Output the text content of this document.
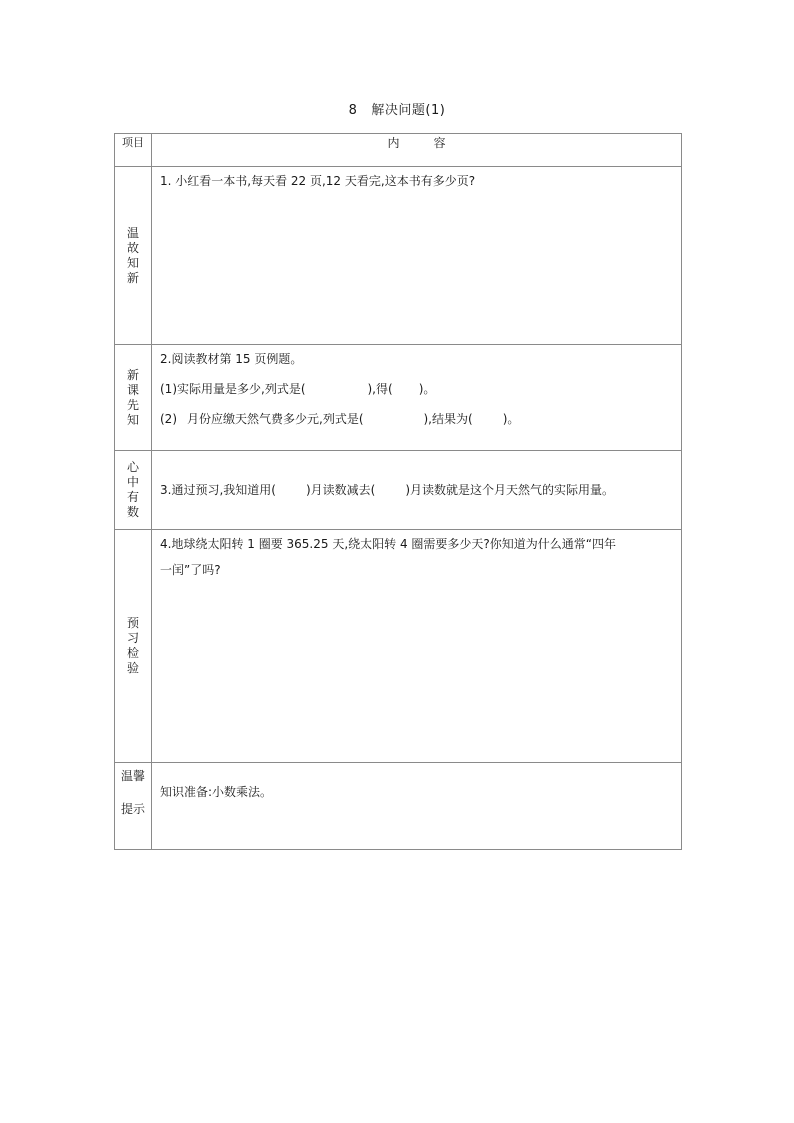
8 解决问题(1)
项目	内 容
温故知新	1. 小红看一本书,每天看 22 页,12 天看完,这本书有多少页?

新课先知	2.阅读教材第 15 页例题。
(1)实际用量是多少,列式是( ),得( )。
(2) 月份应缴天然气费多少元,列式是( ),结果为( )。

心中有数	3.通过预习,我知道用( )月读数减去( )月读数就是这个月天然气的实际用量。

预习检验	4.地球绕太阳转 1 圈要 365.25 天,绕太阳转 4 圈需要多少天?你知道为什么通常“四年
一闰”了吗?

温馨
提示	知识准备:小数乘法。
